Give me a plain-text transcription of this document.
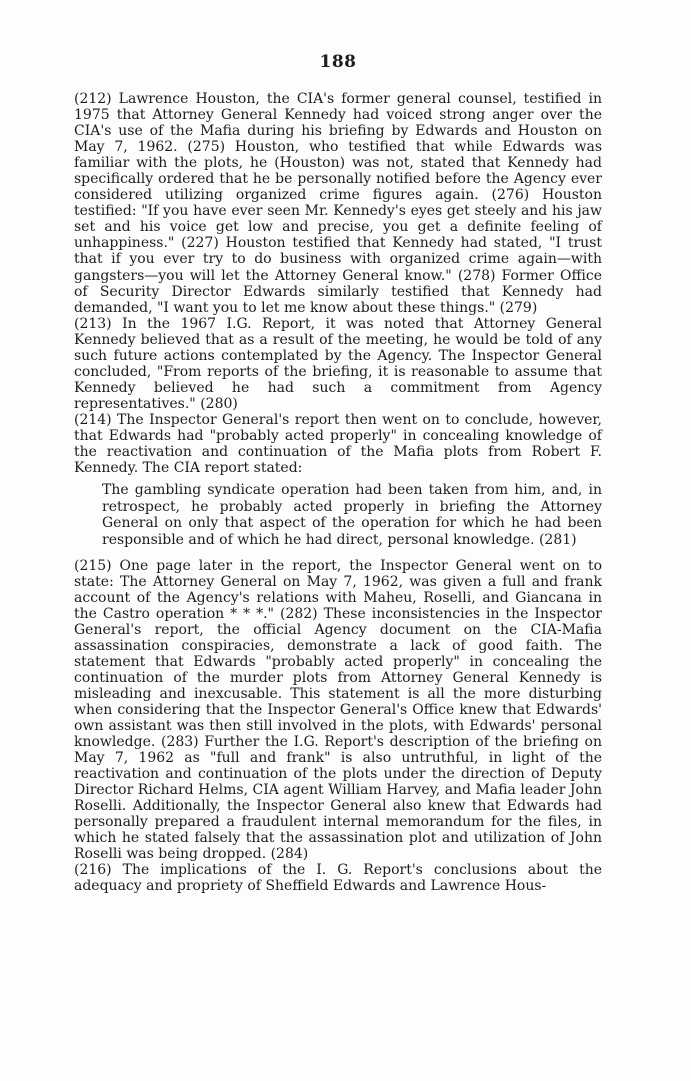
188

(212) Lawrence Houston, the CIA's former general counsel, testified in 1975 that Attorney General Kennedy had voiced strong anger over the CIA's use of the Mafia during his briefing by Edwards and Houston on May 7, 1962. (275) Houston, who testified that while Edwards was familiar with the plots, he (Houston) was not, stated that Kennedy had specifically ordered that he be personally notified before the Agency ever considered utilizing organized crime figures again. (276) Houston testified: "If you have ever seen Mr. Kennedy's eyes get steely and his jaw set and his voice get low and precise, you get a definite feeling of unhappiness." (227) Houston testified that Kennedy had stated, "I trust that if you ever try to do business with organized crime again—with gangsters—you will let the Attorney General know." (278) Former Office of Security Director Edwards similarly testified that Kennedy had demanded, "I want you to let me know about these things." (279)

(213) In the 1967 I.G. Report, it was noted that Attorney General Kennedy believed that as a result of the meeting, he would be told of any such future actions contemplated by the Agency. The Inspector General concluded, "From reports of the briefing, it is reasonable to assume that Kennedy believed he had such a commitment from Agency representatives." (280)

(214) The Inspector General's report then went on to conclude, however, that Edwards had "probably acted properly" in concealing knowledge of the reactivation and continuation of the Mafia plots from Robert F. Kennedy. The CIA report stated:

The gambling syndicate operation had been taken from him, and, in retrospect, he probably acted properly in briefing the Attorney General on only that aspect of the operation for which he had been responsible and of which he had direct, personal knowledge. (281)

(215) One page later in the report, the Inspector General went on to state: The Attorney General on May 7, 1962, was given a full and frank account of the Agency's relations with Maheu, Roselli, and Giancana in the Castro operation * * *." (282) These inconsistencies in the Inspector General's report, the official Agency document on the CIA-Mafia assassination conspiracies, demonstrate a lack of good faith. The statement that Edwards "probably acted properly" in concealing the continuation of the murder plots from Attorney General Kennedy is misleading and inexcusable. This statement is all the more disturbing when considering that the Inspector General's Office knew that Edwards' own assistant was then still involved in the plots, with Edwards' personal knowledge. (283) Further the I.G. Report's description of the briefing on May 7, 1962 as "full and frank" is also untruthful, in light of the reactivation and continuation of the plots under the direction of Deputy Director Richard Helms, CIA agent William Harvey, and Mafia leader John Roselli. Additionally, the Inspector General also knew that Edwards had personally prepared a fraudulent internal memorandum for the files, in which he stated falsely that the assassination plot and utilization of John Roselli was being dropped. (284)

(216) The implications of the I. G. Report's conclusions about the adequacy and propriety of Sheffield Edwards and Lawrence Hous-
